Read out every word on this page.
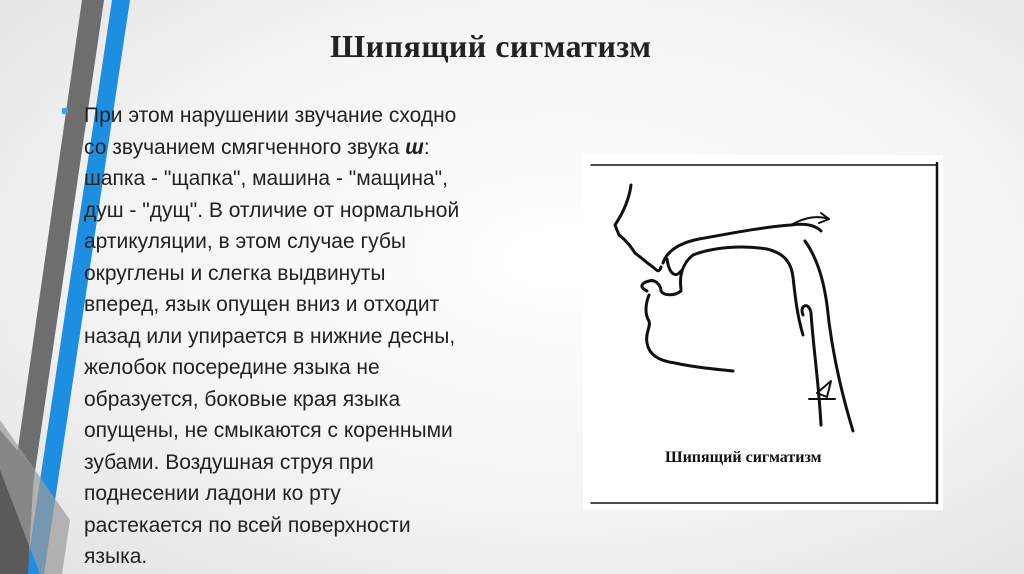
Шипящий сигматизм
При этом нарушении звучание сходно
со звучанием смягченного звука ш:
шапка - "щапка", машина - "мащина",
душ - "дущ". В отличие от нормальной
артикуляции, в этом случае губы
округлены и слегка выдвинуты
вперед, язык опущен вниз и отходит
назад или упирается в нижние десны,
желобок посередине языка не
образуется, боковые края языка
опущены, не смыкаются с коренными
зубами. Воздушная струя при
поднесении ладони ко рту
растекается по всей поверхности
языка.
Шипящий сигматизм
